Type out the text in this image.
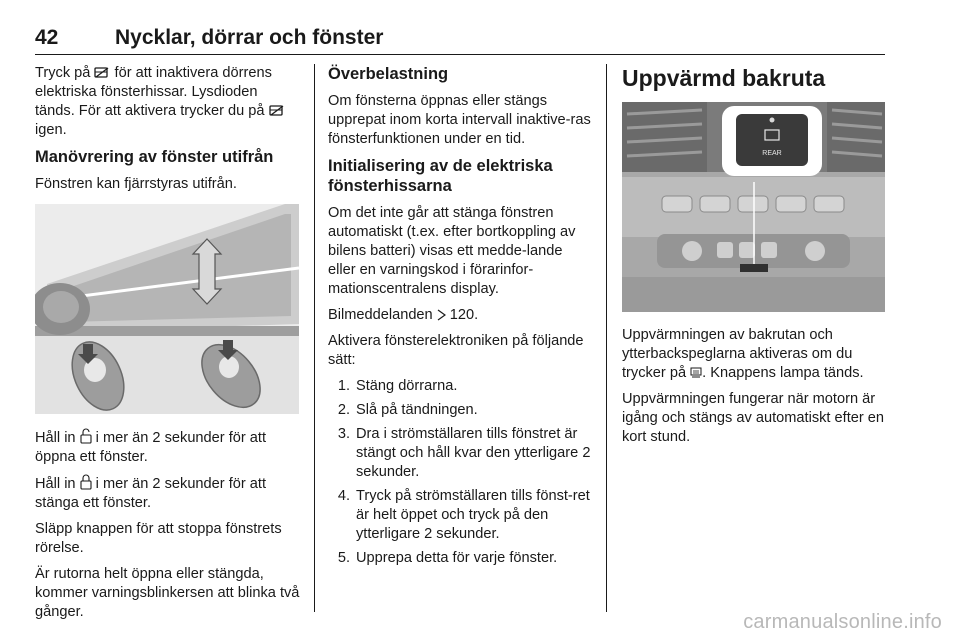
42	Nycklar, dörrar och fönster

Tryck på  för att inaktivera dörrens elektriska fönsterhissar. Lysdioden tänds. För att aktivera trycker du på  igen.

Manövrering av fönster utifrån

Fönstren kan fjärrstyras utifrån.

Håll in  i mer än 2 sekunder för att öppna ett fönster.

Håll in  i mer än 2 sekunder för att stänga ett fönster.

Släpp knappen för att stoppa fönstrets rörelse.

Är rutorna helt öppna eller stängda, kommer varningsblinkersen att blinka två gånger.

Överbelastning

Om fönsterna öppnas eller stängs upprepat inom korta intervall inaktive-ras fönsterfunktionen under en tid.

Initialisering av de elektriska fönsterhissarna

Om det inte går att stänga fönstren automatiskt (t.ex. efter bortkoppling av bilens batteri) visas ett medde-lande eller en varningskod i förarinfor-mationscentralens display.

Bilmeddelanden  120.

Aktivera fönsterelektroniken på följande sätt:

1. Stäng dörrarna.
2. Slå på tändningen.
3. Dra i strömställaren tills fönstret är stängt och håll kvar den ytterligare 2 sekunder.
4. Tryck på strömställaren tills fönst-ret är helt öppet och tryck på den ytterligare 2 sekunder.
5. Upprepa detta för varje fönster.
Uppvärmd bakruta
REAR

Uppvärmningen av bakrutan och ytterbackspeglarna aktiveras om du trycker på . Knappens lampa tänds.

Uppvärmningen fungerar när motorn är igång och stängs av automatiskt efter en kort stund.

carmanualsonline.info
